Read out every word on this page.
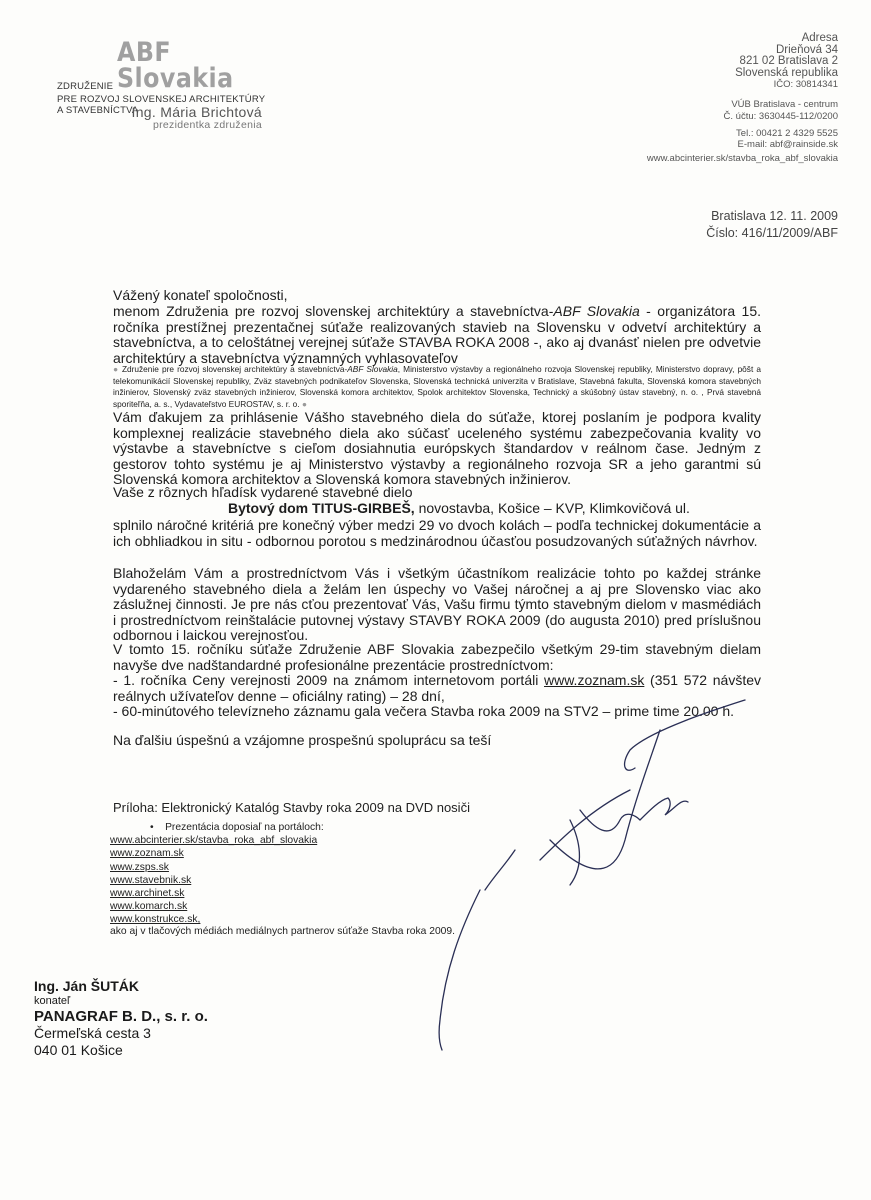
ZDRUŽENIE
ABF Slovakia
PRE ROZVOJ SLOVENSKEJ ARCHITEKTÚRY
A STAVEBNÍCTVA
Ing. Mária Brichtová
prezidentka združenia
Adresa
Drieňová 34
821 02 Bratislava 2
Slovenská republika
IČO: 30814341
VÚB Bratislava - centrum
Č. účtu: 3630445-112/0200
Tel.: 00421 2 4329 5525
E-mail: abf@rainside.sk
www.abcinterier.sk/stavba_roka_abf_slovakia
Bratislava 12. 11. 2009
Číslo: 416/11/2009/ABF
Vážený konateľ spoločnosti,
menom Združenia pre rozvoj slovenskej architektúry a stavebníctva-ABF Slovakia - organizátora 15. ročníka prestížnej prezentačnej súťaže realizovaných stavieb na Slovensku v odvetví architektúry a stavebníctva, a to celoštátnej verejnej súťaže STAVBA ROKA 2008 -, ako aj dvanásť nielen pre odvetvie architektúry a stavebníctva významných vyhlasovateľov
● Združenie pre rozvoj slovenskej architektúry a stavebníctva-ABF Slovakia, Ministerstvo výstavby a regionálneho rozvoja Slovenskej republiky, Ministerstvo dopravy, pôšt a telekomunikácií Slovenskej republiky, Zväz stavebných podnikateľov Slovenska, Slovenská technická univerzita v Bratislave, Stavebná fakulta, Slovenská komora stavebných inžinierov, Slovenský zväz stavebných inžinierov, Slovenská komora architektov, Spolok architektov Slovenska, Technický a skúšobný ústav stavebný, n. o. , Prvá stavebná sporiteľňa, a. s., Vydavateľstvo EUROSTAV, s. r. o. ●
Vám ďakujem za prihlásenie Vášho stavebného diela do súťaže, ktorej poslaním je podpora kvality komplexnej realizácie stavebného diela ako súčasť uceleného systému zabezpečovania kvality vo výstavbe a stavebníctve s cieľom dosiahnutia európskych štandardov v reálnom čase. Jedným z gestorov tohto systému je aj Ministerstvo výstavby a regionálneho rozvoja SR a jeho garantmi sú Slovenská komora architektov a Slovenská komora stavebných inžinierov.
Vaše z rôznych hľadísk vydarené stavebné dielo
Bytový dom TITUS-GIRBEŠ, novostavba, Košice – KVP, Klimkovičová ul.
splnilo náročné kritériá pre konečný výber medzi 29 vo dvoch kolách – podľa technickej dokumentácie a ich obhliadkou in situ - odbornou porotou s medzinárodnou účasťou posudzovaných súťažných návrhov.
Blahoželám Vám a prostredníctvom Vás i všetkým účastníkom realizácie tohto po každej stránke vydareného stavebného diela a želám len úspechy vo Vašej náročnej a aj pre Slovensko viac ako záslužnej činnosti. Je pre nás cťou prezentovať Vás, Vašu firmu týmto stavebným dielom v masmédiách i prostredníctvom reinštalácie putovnej výstavy STAVBY ROKA 2009 (do augusta 2010) pred príslušnou odbornou i laickou verejnosťou.
V tomto 15. ročníku súťaže Združenie ABF Slovakia zabezpečilo všetkým 29-tim stavebným dielam navyše dve nadštandardné profesionálne prezentácie prostredníctvom:
- 1. ročníka Ceny verejnosti 2009 na známom internetovom portáli www.zoznam.sk (351 572 návštev reálnych užívateľov denne – oficiálny rating) – 28 dní,
- 60-minútového televízneho záznamu gala večera Stavba roka 2009 na STV2 – prime time 20.00 h.
Na ďalšiu úspešnú a vzájomne prospešnú spoluprácu sa teší
Príloha: Elektronický Katalóg Stavby roka 2009 na DVD nosiči
•    Prezentácia doposiaľ na portáloch:
www.abcinterier.sk/stavba_roka_abf_slovakia
www.zoznam.sk
www.zsps.sk
www.stavebnik.sk
www.archinet.sk
www.komarch.sk
www.konstrukce.sk,
ako aj v tlačových médiách mediálnych partnerov súťaže Stavba roka 2009.
Ing. Ján ŠUTÁK
konateľ
PANAGRAF B. D., s. r. o.
Čermeľská cesta 3
040 01 Košice
